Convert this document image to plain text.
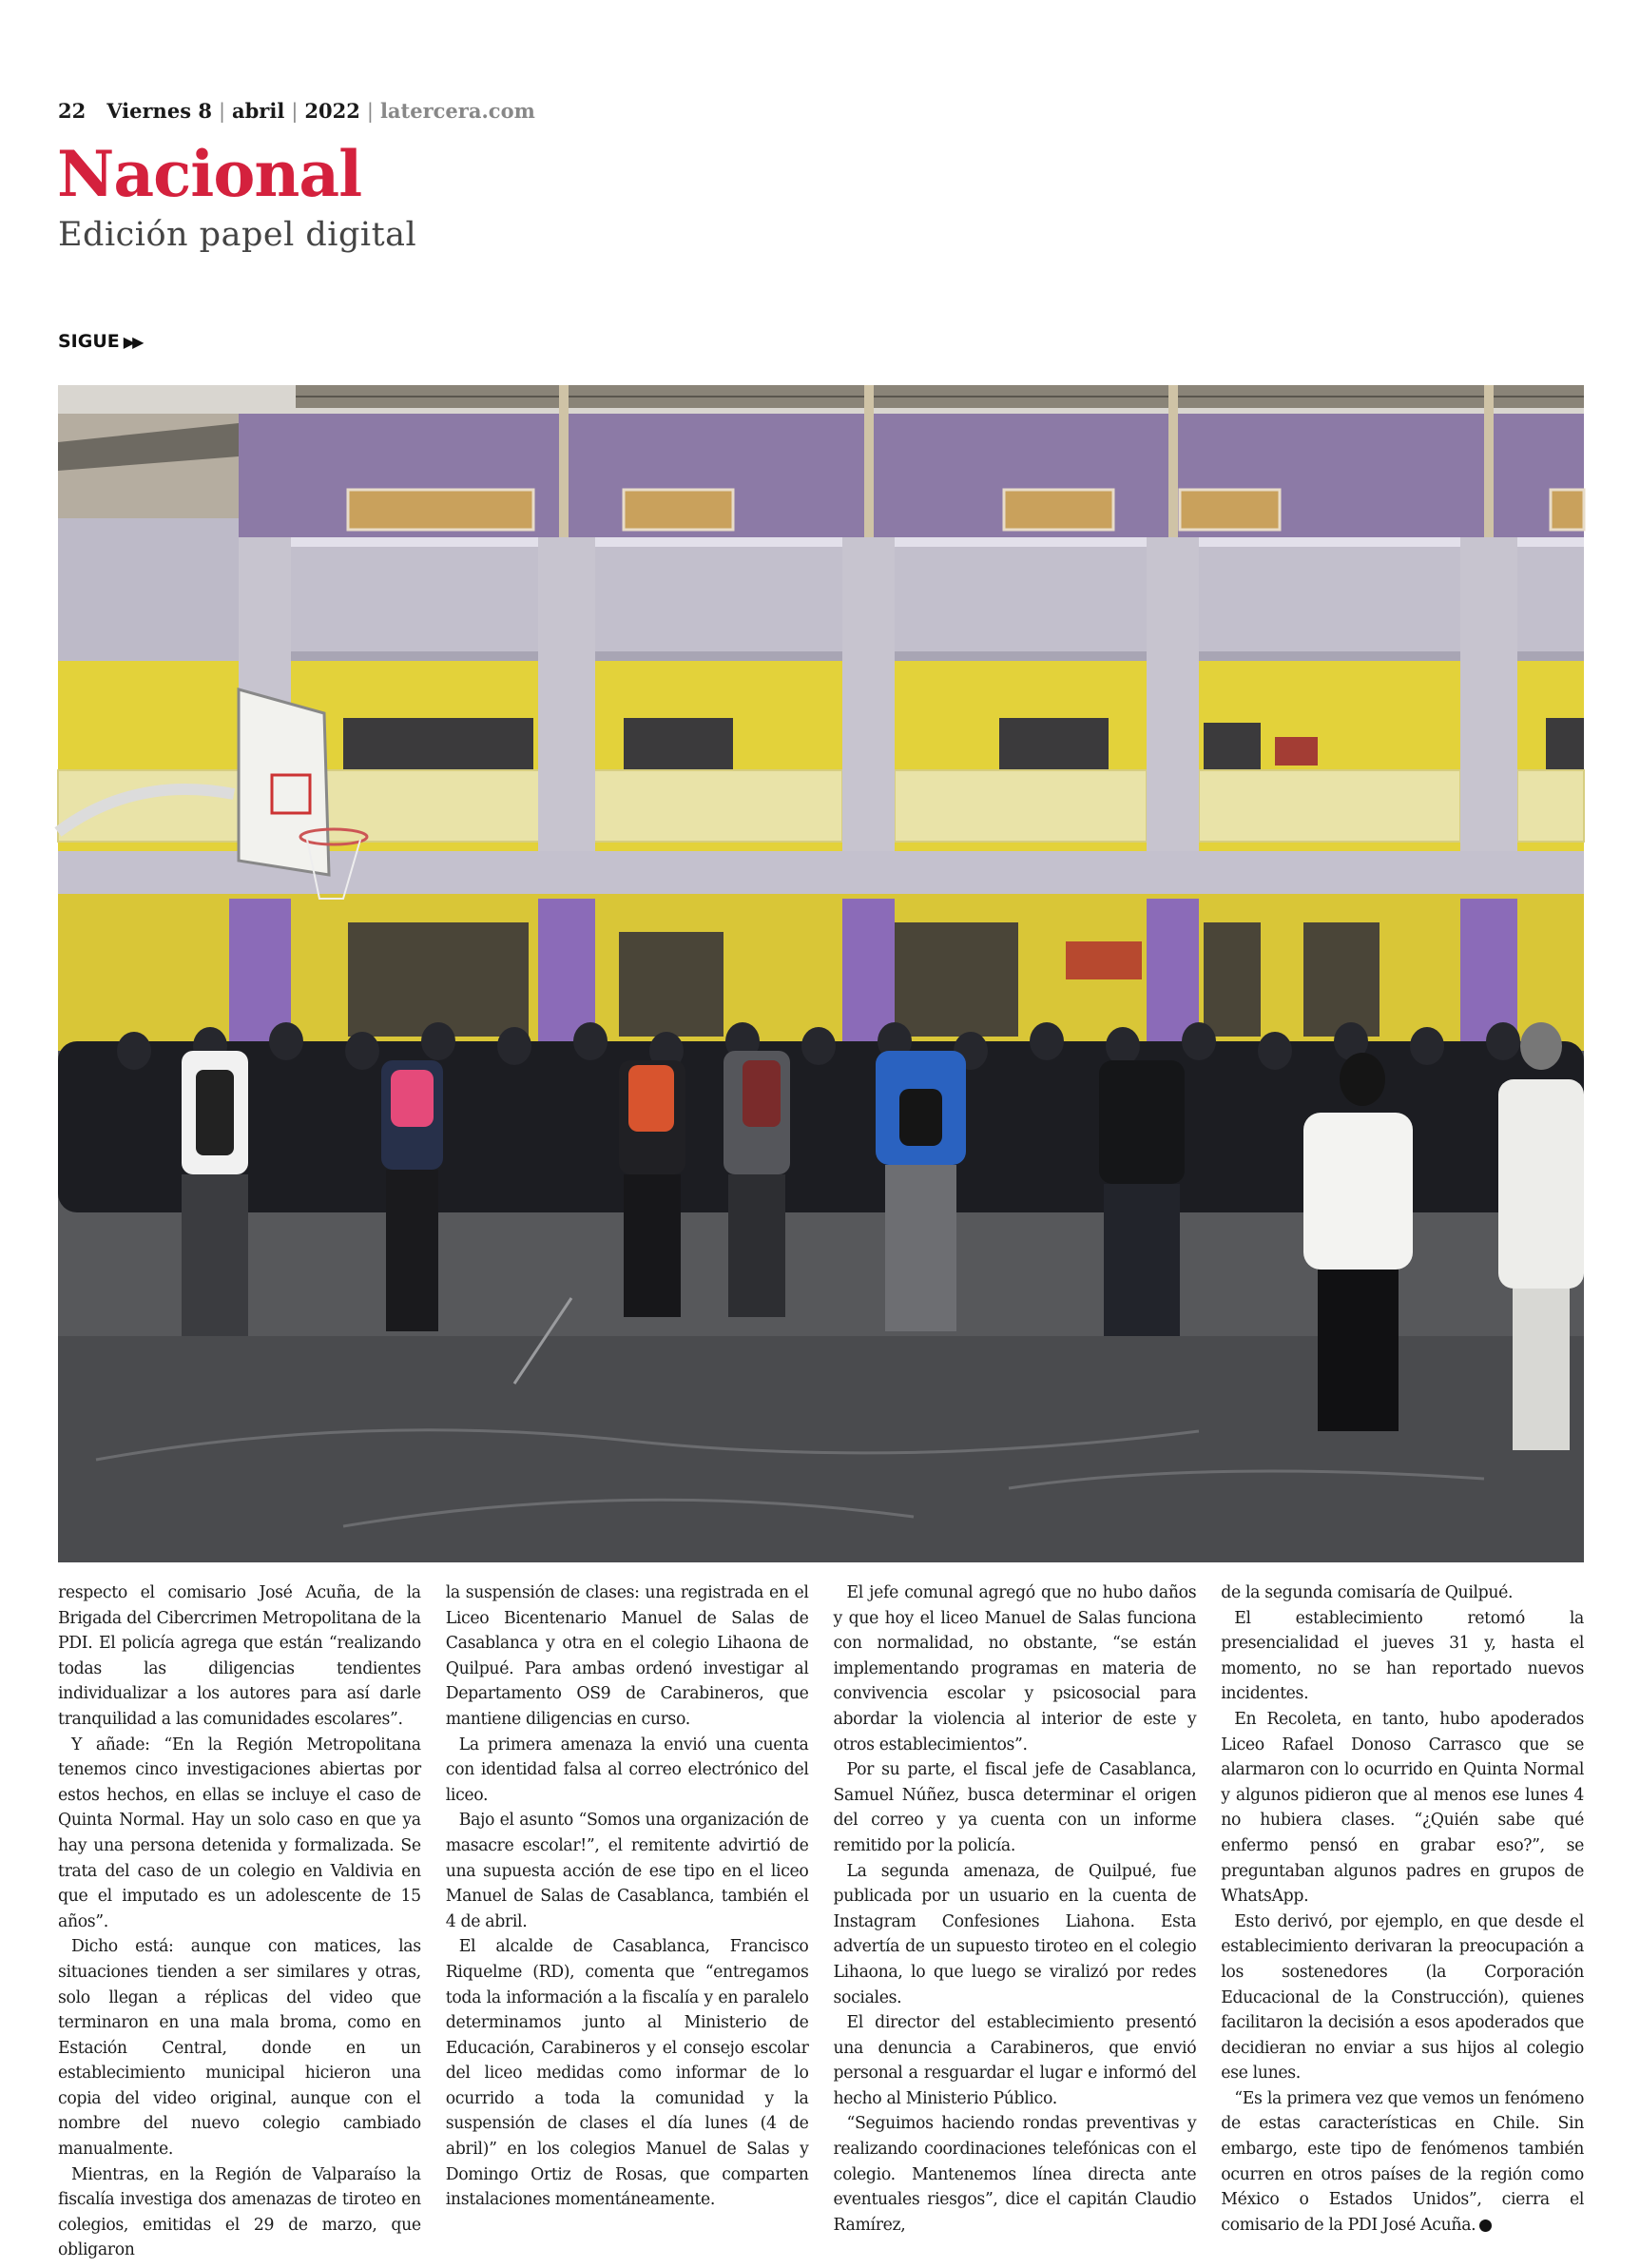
22 Viernes 8 | abril | 2022 | latercera.com
Nacional
Edición papel digital
SIGUE ▶▶

respecto el comisario José Acuña, de la Brigada del Cibercrimen Metropolitana de la PDI. El policía agrega que están “realizando todas las diligencias tendientes individualizar a los autores para así darle tranquilidad a las comunidades escolares”.

Y añade: “En la Región Metropolitana tenemos cinco investigaciones abiertas por estos hechos, en ellas se incluye el caso de Quinta Normal. Hay un solo caso en que ya hay una persona detenida y formalizada. Se trata del caso de un colegio en Valdivia en que el imputado es un adolescente de 15 años”.

Dicho está: aunque con matices, las situaciones tienden a ser similares y otras, solo llegan a réplicas del video que terminaron en una mala broma, como en Estación Central, donde en un establecimiento municipal hicieron una copia del video original, aunque con el nombre del nuevo colegio cambiado manualmente.

Mientras, en la Región de Valparaíso la fiscalía investiga dos amenazas de tiroteo en colegios, emitidas el 29 de marzo, que obligaron

la suspensión de clases: una registrada en el Liceo Bicentenario Manuel de Salas de Casablanca y otra en el colegio Lihaona de Quilpué. Para ambas ordenó investigar al Departamento OS9 de Carabineros, que mantiene diligencias en curso.

La primera amenaza la envió una cuenta con identidad falsa al correo electrónico del liceo.

Bajo el asunto “Somos una organización de masacre escolar!”, el remitente advirtió de una supuesta acción de ese tipo en el liceo Manuel de Salas de Casablanca, también el 4 de abril.

El alcalde de Casablanca, Francisco Riquelme (RD), comenta que “entregamos toda la información a la fiscalía y en paralelo determinamos junto al Ministerio de Educación, Carabineros y el consejo escolar del liceo medidas como informar de lo ocurrido a toda la comunidad y la suspensión de clases el día lunes (4 de abril)” en los colegios Manuel de Salas y Domingo Ortiz de Rosas, que comparten instalaciones momentáneamente.

El jefe comunal agregó que no hubo daños y que hoy el liceo Manuel de Salas funciona con normalidad, no obstante, “se están implementando programas en materia de convivencia escolar y psicosocial para abordar la violencia al interior de este y otros establecimientos”.

Por su parte, el fiscal jefe de Casablanca, Samuel Núñez, busca determinar el origen del correo y ya cuenta con un informe remitido por la policía.

La segunda amenaza, de Quilpué, fue publicada por un usuario en la cuenta de Instagram Confesiones Liahona. Esta advertía de un supuesto tiroteo en el colegio Lihaona, lo que luego se viralizó por redes sociales.

El director del establecimiento presentó una denuncia a Carabineros, que envió personal a resguardar el lugar e informó del hecho al Ministerio Público.

“Seguimos haciendo rondas preventivas y realizando coordinaciones telefónicas con el colegio. Mantenemos línea directa ante eventuales riesgos”, dice el capitán Claudio Ramírez,

de la segunda comisaría de Quilpué.

El establecimiento retomó la presencialidad el jueves 31 y, hasta el momento, no se han reportado nuevos incidentes.

En Recoleta, en tanto, hubo apoderados Liceo Rafael Donoso Carrasco que se alarmaron con lo ocurrido en Quinta Normal y algunos pidieron que al menos ese lunes 4 no hubiera clases. “¿Quién sabe qué enfermo pensó en grabar eso?”, se preguntaban algunos padres en grupos de WhatsApp.

Esto derivó, por ejemplo, en que desde el establecimiento derivaran la preocupación a los sostenedores (la Corporación Educacional de la Construcción), quienes facilitaron la decisión a esos apoderados que decidieran no enviar a sus hijos al colegio ese lunes.

“Es la primera vez que vemos un fenómeno de estas características en Chile. Sin embargo, este tipo de fenómenos también ocurren en otros países de la región como México o Estados Unidos”, cierra el comisario de la PDI José Acuña.
